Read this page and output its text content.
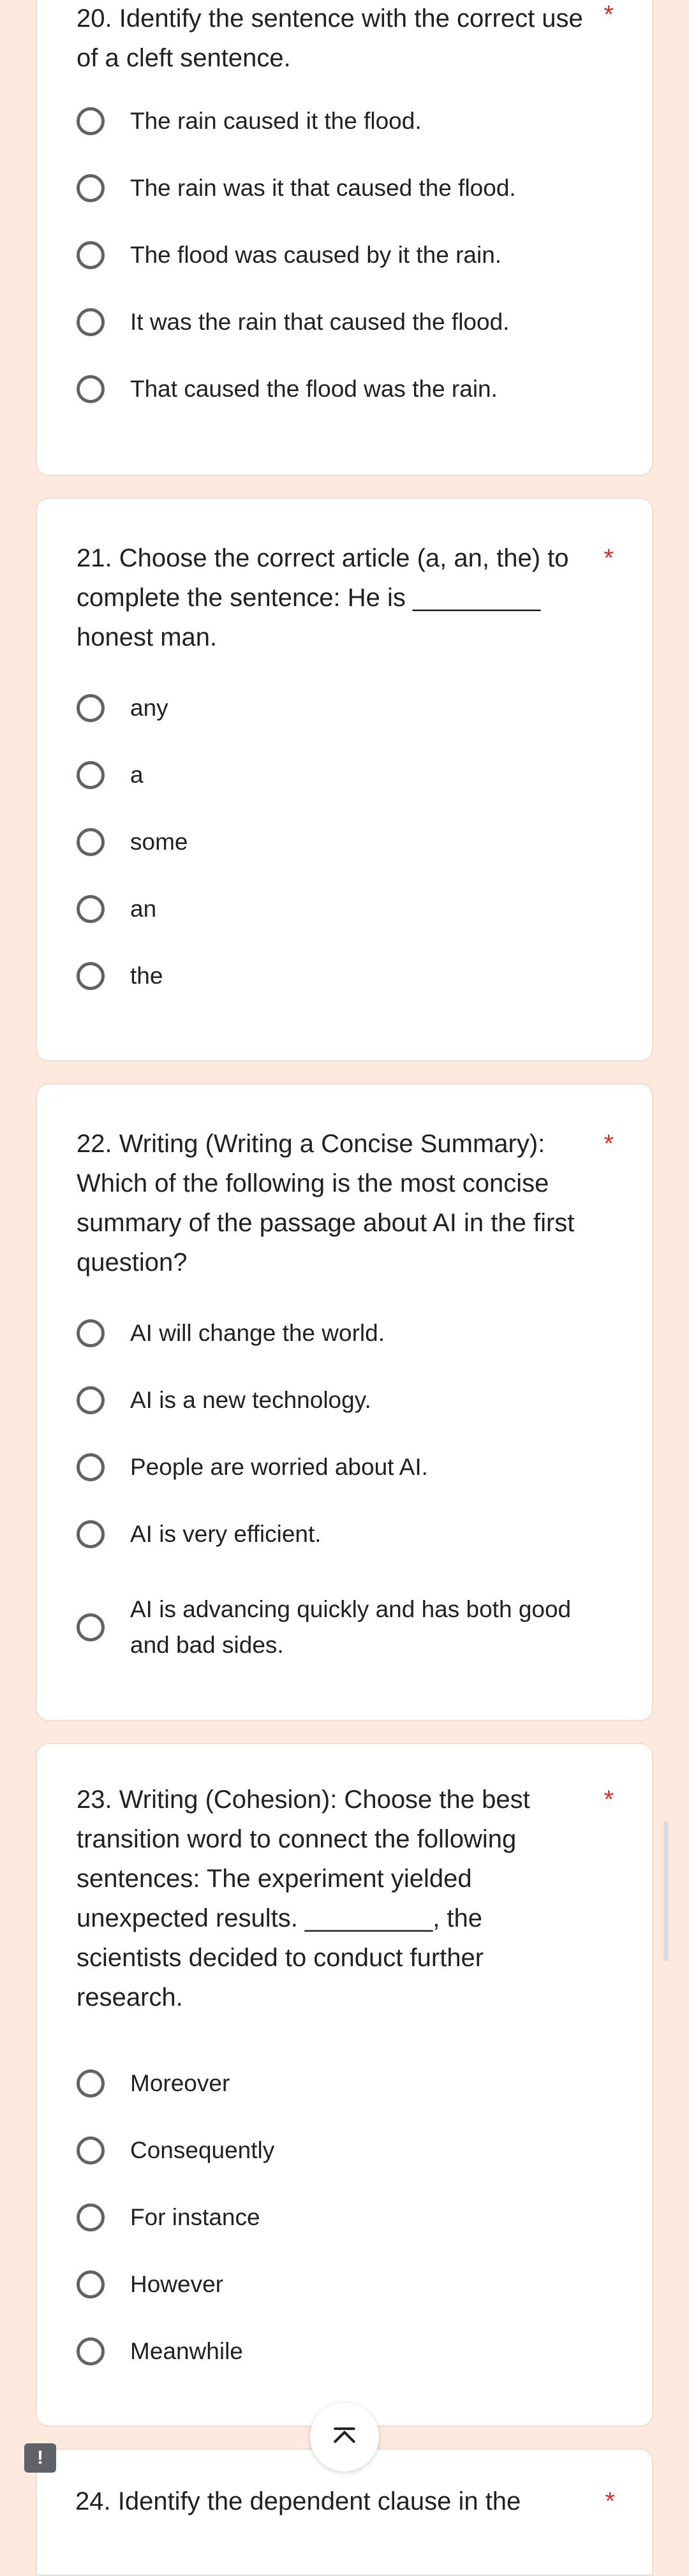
20. Identify the sentence with the correct use of a cleft sentence.
*
The rain caused it the flood.
The rain was it that caused the flood.
The flood was caused by it the rain.
It was the rain that caused the flood.
That caused the flood was the rain.
21. Choose the correct article (a, an, the) to complete the sentence: He is _________ honest man.
*
any
a
some
an
the
22. Writing (Writing a Concise Summary): Which of the following is the most concise summary of the passage about AI in the first question?
*
AI will change the world.
AI is a new technology.
People are worried about AI.
AI is very efficient.
AI is advancing quickly and has both good and bad sides.
23. Writing (Cohesion): Choose the best transition word to connect the following sentences: The experiment yielded unexpected results. _________, the scientists decided to conduct further research.
*
Moreover
Consequently
For instance
However
Meanwhile
24. Identify the dependent clause in the	*
!
